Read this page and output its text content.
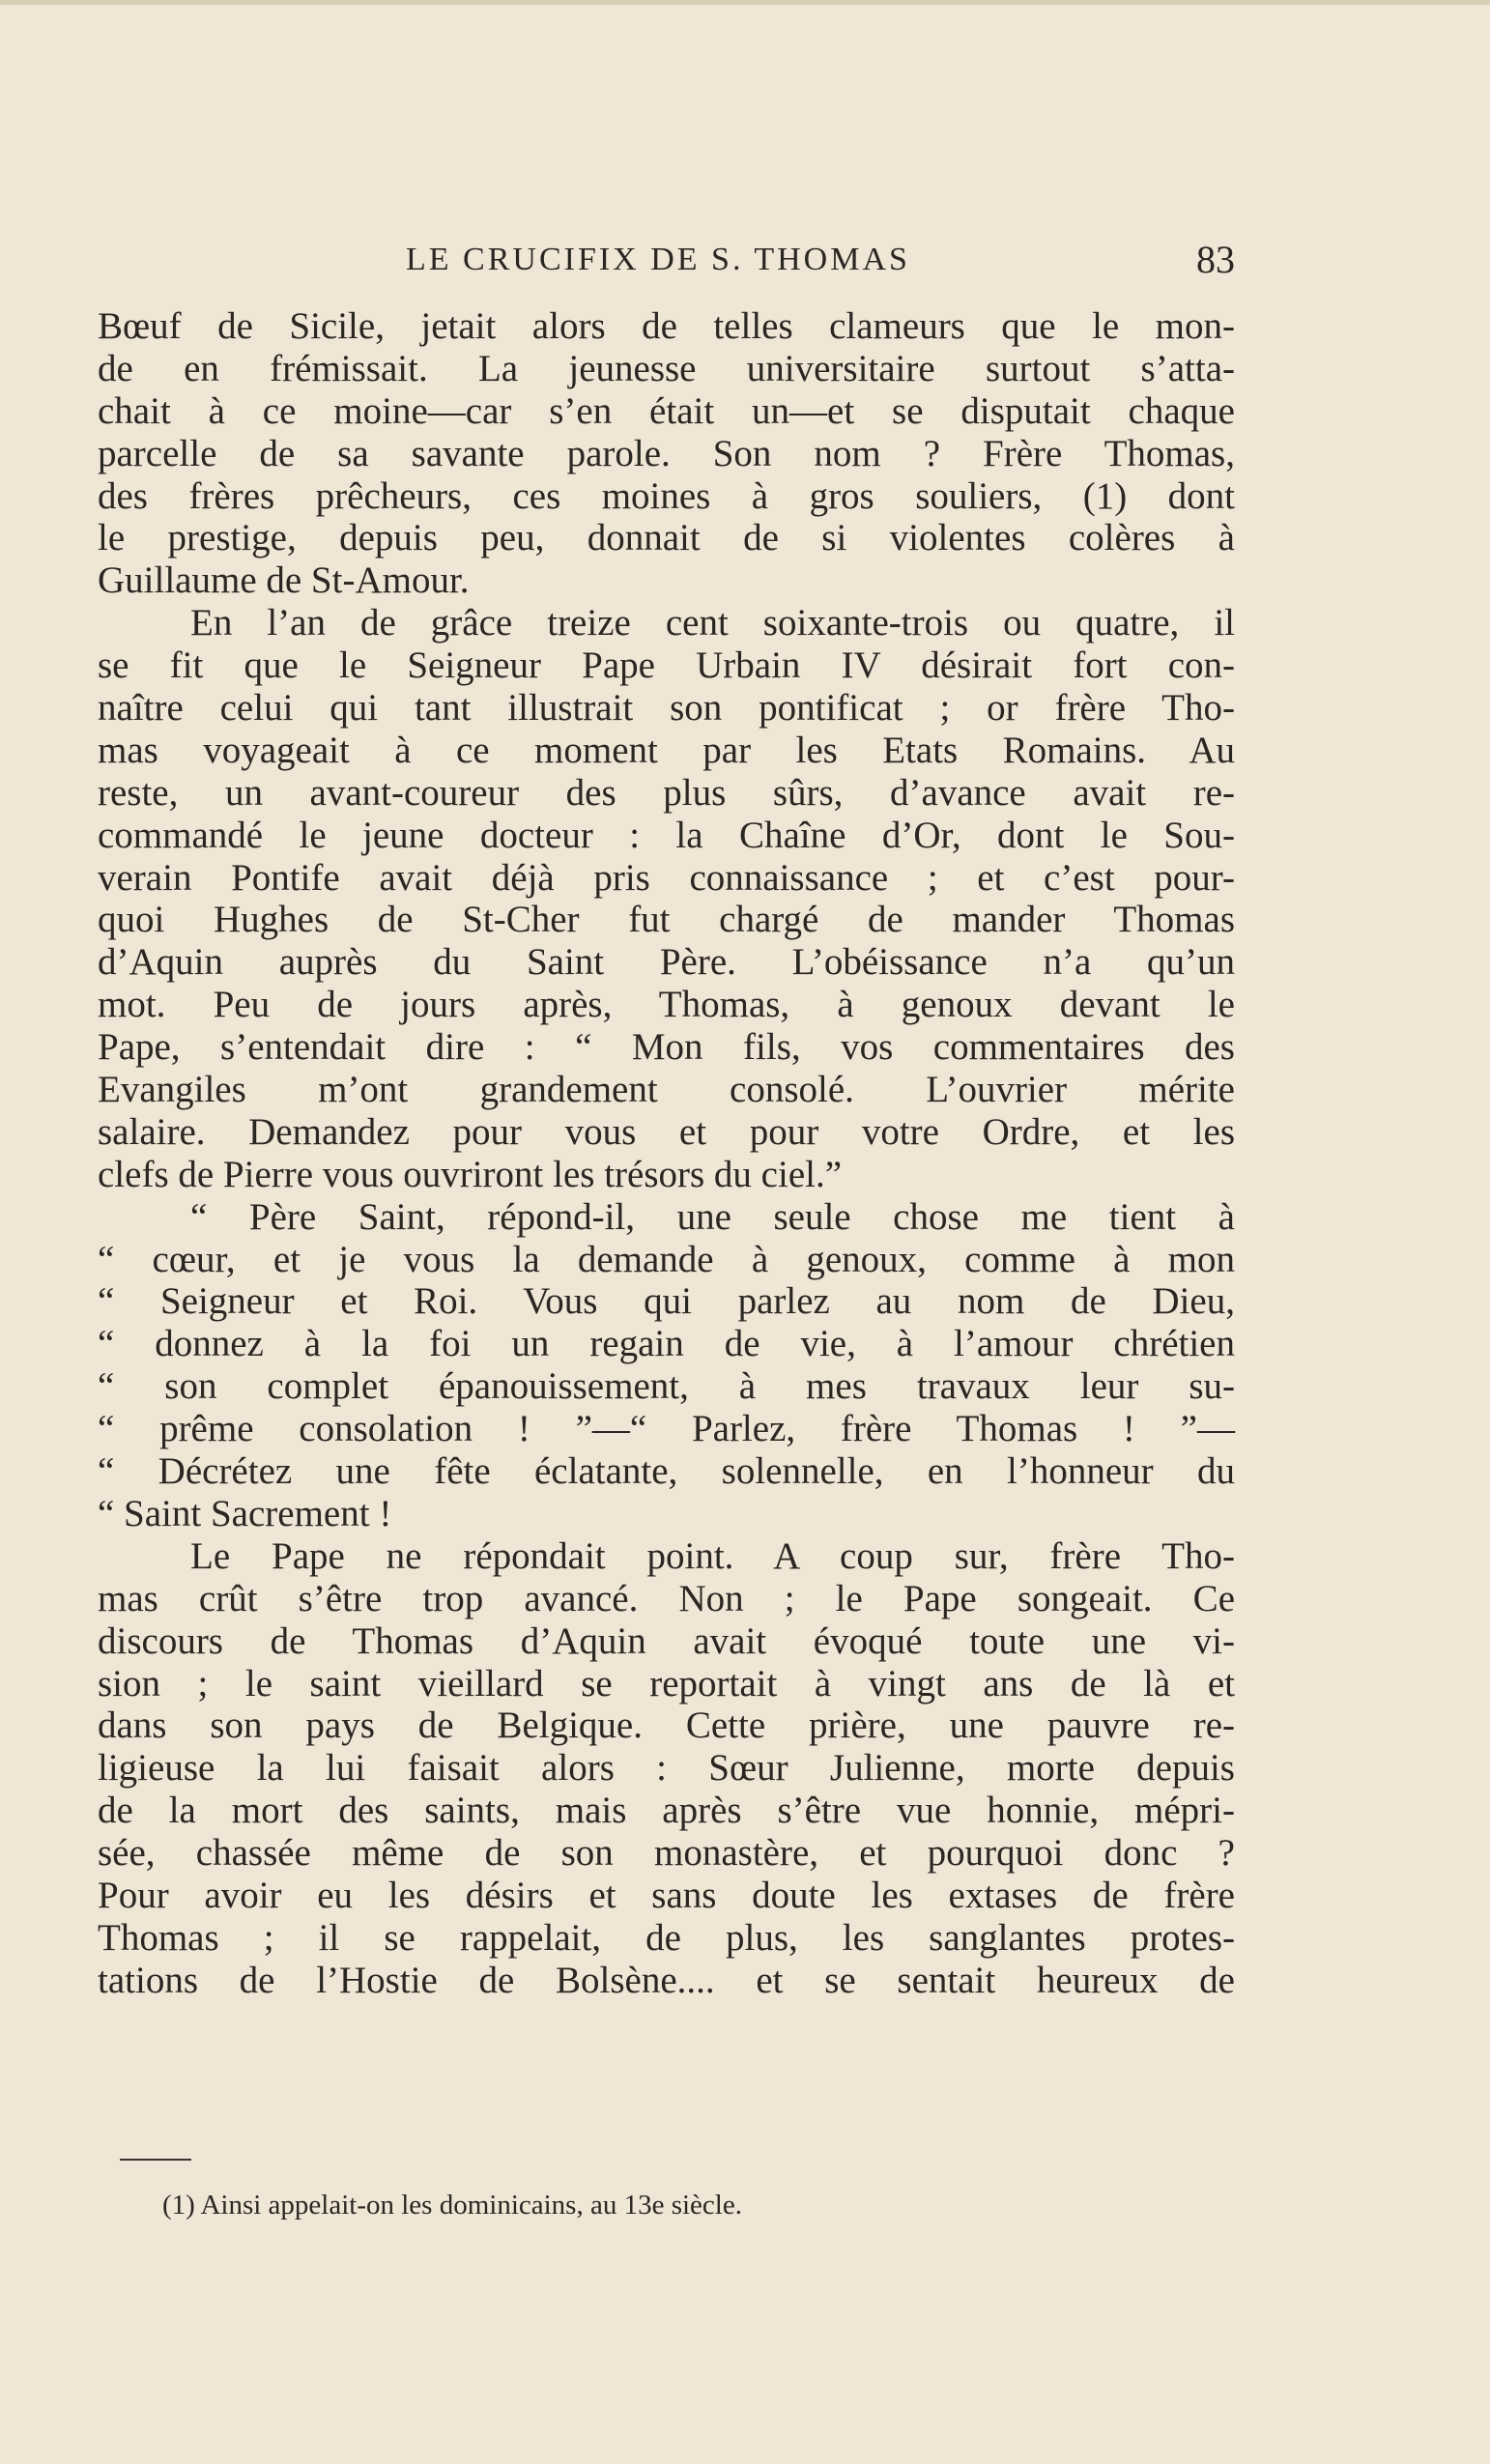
LE CRUCIFIX DE S. THOMAS	83
Bœuf de Sicile, jetait alors de telles clameurs que le mon-
de en frémissait. La jeunesse universitaire surtout s’atta-
chait à ce moine—car s’en était un—et se disputait chaque
parcelle de sa savante parole. Son nom ? Frère Thomas,
des frères prêcheurs, ces moines à gros souliers, (1) dont
le prestige, depuis peu, donnait de si violentes colères à
Guillaume de St-Amour.
En l’an de grâce treize cent soixante-trois ou quatre, il
se fit que le Seigneur Pape Urbain IV désirait fort con-
naître celui qui tant illustrait son pontificat ; or frère Tho-
mas voyageait à ce moment par les Etats Romains. Au
reste, un avant-coureur des plus sûrs, d’avance avait re-
commandé le jeune docteur : la Chaîne d’Or, dont le Sou-
verain Pontife avait déjà pris connaissance ; et c’est pour-
quoi Hughes de St-Cher fut chargé de mander Thomas
d’Aquin auprès du Saint Père. L’obéissance n’a qu’un
mot. Peu de jours après, Thomas, à genoux devant le
Pape, s’entendait dire : “ Mon fils, vos commentaires des
Evangiles m’ont grandement consolé. L’ouvrier mérite
salaire. Demandez pour vous et pour votre Ordre, et les
clefs de Pierre vous ouvriront les trésors du ciel.”
“ Père Saint, répond-il, une seule chose me tient à
“ cœur, et je vous la demande à genoux, comme à mon
“ Seigneur et Roi. Vous qui parlez au nom de Dieu,
“ donnez à la foi un regain de vie, à l’amour chrétien
“ son complet épanouissement, à mes travaux leur su-
“ prême consolation ! ”—“ Parlez, frère Thomas ! ”—
“ Décrétez une fête éclatante, solennelle, en l’honneur du
“ Saint Sacrement !
Le Pape ne répondait point. A coup sur, frère Tho-
mas crût s’être trop avancé. Non ; le Pape songeait. Ce
discours de Thomas d’Aquin avait évoqué toute une vi-
sion ; le saint vieillard se reportait à vingt ans de là et
dans son pays de Belgique. Cette prière, une pauvre re-
ligieuse la lui faisait alors : Sœur Julienne, morte depuis
de la mort des saints, mais après s’être vue honnie, mépri-
sée, chassée même de son monastère, et pourquoi donc ?
Pour avoir eu les désirs et sans doute les extases de frère
Thomas ; il se rappelait, de plus, les sanglantes protes-
tations de l’Hostie de Bolsène.... et se sentait heureux de
(1) Ainsi appelait-on les dominicains, au 13e siècle.
